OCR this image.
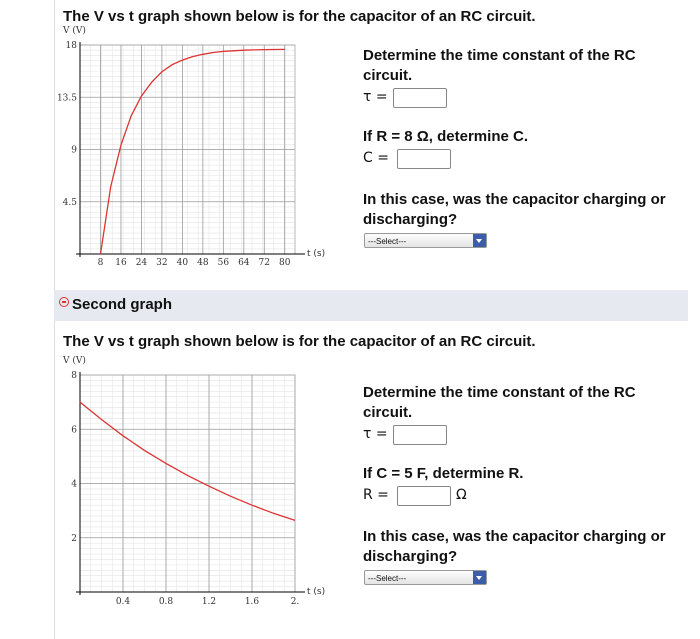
The V vs t graph shown below is for the capacitor of an RC circuit.
4.5
9
13.5
18
8 16 24 32 40 48 56 64 72 80
V (V)
t (s)
2
4
6
8
0.4	0.8	1.2	1.6	2.
V (V)
t (s)
Determine the time constant of the RC circuit.
τ =
If R = 8 Ω, determine C.
C =
In this case, was the capacitor charging or discharging?
---Select---
Second graph
The V vs t graph shown below is for the capacitor of an RC circuit.
Determine the time constant of the RC circuit.
τ =
If C = 5 F, determine R.
R =	Ω
In this case, was the capacitor charging or discharging?
---Select---
